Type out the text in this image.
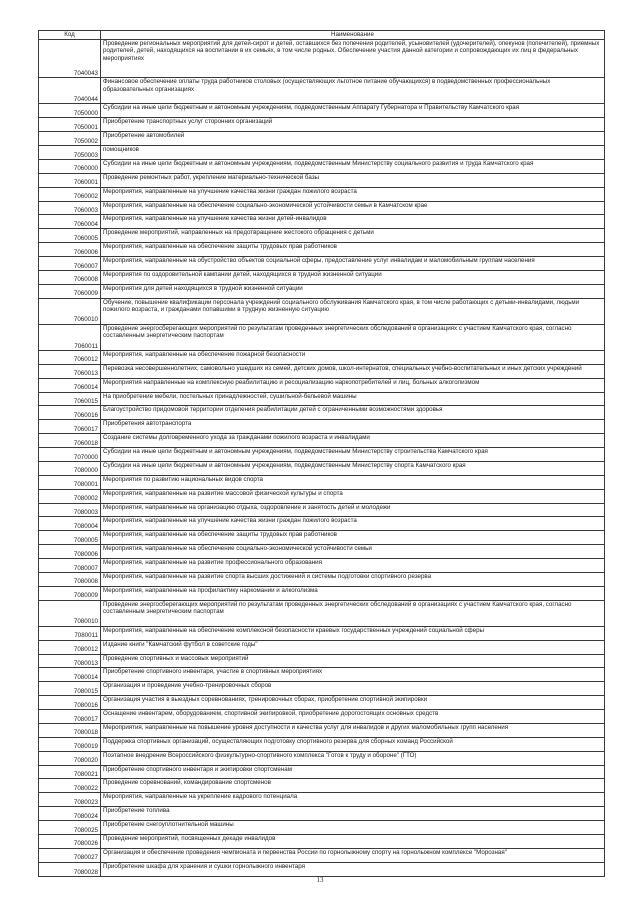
Код	Наименование
7040043	Проведение региональных мероприятий для детей-сирот и детей, оставшихся без попечения родителей, усыновителей (удочерителей), опекунов (попечителей), приемных родителей, детей, находящихся на воспитании в их семьях, в том числе родных. Обеспечение участия данной категории и сопровождающих их лиц в федеральных мероприятиях
7040044	Финансовое обеспечение оплаты труда работников столовых (осуществляющих льготное питание обучающихся) в подведомственных профессиональных образовательных организациях
7050000	Субсидии на иные цели бюджетным и автономным учреждениям, подведомственным Аппарату Губернатора и Правительству Камчатского края
7050001	Приобретение транспортных услуг сторонних организаций
7050002	Приобретение автомобилей
7050003	помощников
7060000	Субсидии на иные цели бюджетным и автономным учреждениям, подведомственным Министерству социального развития и труда Камчатского края
7060001	Проведение ремонтных работ, укрепление материально-технической базы
7060002	Мероприятия, направленные на улучшение качества жизни граждан пожилого возраста
7060003	Мероприятия, направленные на обеспечение социально-экономической устойчивости семьи в Камчатском крае
7060004	Мероприятия, направленные на улучшение качества жизни детей-инвалидов
7060005	Проведение мероприятий, направленных на предотвращение жестокого обращения с детьми
7060006	Мероприятия, направленные на обеспечение защиты трудовых прав работников
7060007	Мероприятия, направленные на обустройство объектов социальной сферы, предоставление услуг инвалидам и маломобильным группам населения
7060008	Мероприятия по оздоровительной кампании детей, находящихся в трудной жизненной ситуации
7060009	Мероприятия для детей находящихся в трудной жизненной ситуации
7060010	Обучение, повышение квалификации персонала учреждений социального обслуживания Камчатского края, в том числе работающих с детьми-инвалидами, людьми пожилого возраста, и гражданами попавшими в трудную жизненную ситуацию
7060011	Проведение энергосберегающих мероприятий по результатам проведенных энергетических обследований в организациях с участием Камчатского края, согласно составленным энергетическим паспортам
7060012	Мероприятия, направленные на обеспечение пожарной безопасности
7060013	Перевозка несовершеннолетних, самовольно ушедших из семей, детских домов, школ-интернатов, специальных учебно-воспитательных и иных детских учреждений
7060014	Мероприятия направленные на комплексную реабилитацию и ресоциализацию наркопотребителей и лиц, больных алкоголизмом
7060015	На приобретение мебели, постельных принадлежностей, сушильной-бельевой машины
7060016	Благоустройство придомовой территории отделения реабилитации детей с ограниченными возможностями здоровья
7060017	Приобретения автотранспорта
7060018	Создание системы долговременного ухода за гражданами пожилого возраста и инвалидами
7070000	Субсидии на иные цели бюджетным и автономным учреждениям, подведомственным Министерству строительства Камчатского края
7080000	Субсидии на иные цели бюджетным и автономным учреждениям, подведомственным Министерству спорта Камчатского края
7080001	Мероприятия по развитию национальных видов спорта
7080002	Мероприятия, направленные на развитие массовой физической культуры и спорта
7080003	Мероприятия, направленные на организацию отдыха, оздоровление и занятость детей и молодежи
7080004	Мероприятия, направленные на улучшение качества жизни граждан пожилого возраста
7080005	Мероприятия, направленные на обеспечение защиты трудовых прав работников
7080006	Мероприятия, направленные на обеспечение социально-экономической устойчивости семьи
7080007	Мероприятия, направленные на развитие профессионального образования
7080008	Мероприятия, направленные на развитие спорта высших достижений и системы подготовки спортивного резерва
7080009	Мероприятия, направленные на профилактику наркомании и алкоголизма
7080010	Проведение энергосберегающих мероприятий по результатам проведенных энергетических обследований в организациях с участием Камчатского края, согласно составленным энергетическим паспортам
7080011	Мероприятия, направленные на обеспечение комплексной безопасности краевых государственных учреждений социальной сферы
7080012	Издание книги "Камчатский футбол в советские годы"
7080013	Проведение спортивных и массовых мероприятий
7080014	Приобретение спортивного инвентаря, участие в спортивных мероприятиях
7080015	Организация и проведение учебно-тренировочных сборов
7080016	Организация участия в выездных соревнованиях, тренировочных сборах, приобретение спортивной экипировки
7080017	Оснащение инвентарем, оборудованием, спортивной экипировкой, приобретение дорогостоящих основных средств
7080018	Мероприятия, направленные на повышение уровня доступности и качества услуг для инвалидов и других маломобильных групп населения
7080019	Поддержка спортивных организаций, осуществляющих подготовку спортивного резерва для сборных команд Российской
7080020	Поэтапное внедрение Всероссийского физкультурно-спортивного комплекса "Готов к труду и обороне" (ГТО)
7080021	Приобретение спортивного инвентаря и экипировки спортсменам
7080022	Проведение соревнований, командирование спортсменов
7080023	Мероприятия, направленные на укрепление кадрового потенциала
7080024	Приобретение топлива
7080025	Приобретение снегоуплотнительной машины
7080026	Проведение мероприятий, посвященных декаде инвалидов
7080027	Организация и обеспечение проведения чемпионата и первенства России по горнолыжному спорту на горнолыжном комплексе "Морозная"
7080028	Приобретение шкафа для хранения и сушки горнолыжного инвентаря
13
